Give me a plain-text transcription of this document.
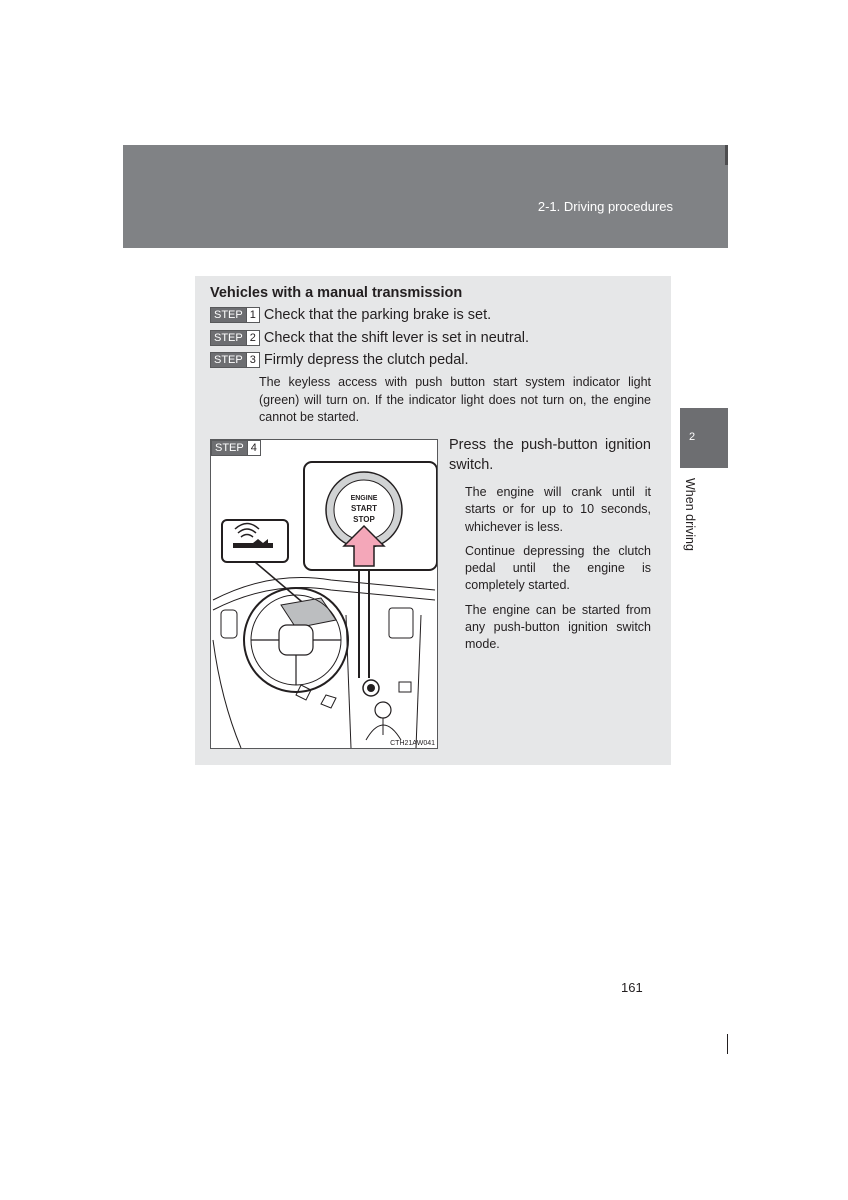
2-1. Driving procedures
2
When driving
Vehicles with a manual transmission
STEP 1 Check that the parking brake is set.
STEP 2 Check that the shift lever is set in neutral.
STEP 3 Firmly depress the clutch pedal.
The keyless access with push button start system indicator light (green) will turn on. If the indicator light does not turn on, the engine cannot be started.
ENGINE
START
STOP
STEP 4
CTH21AW041
Press the push-button ignition switch.

The engine will crank until it starts or for up to 10 seconds, whichever is less.

Continue depressing the clutch pedal until the engine is completely started.

The engine can be started from any push-button ignition switch mode.

161
